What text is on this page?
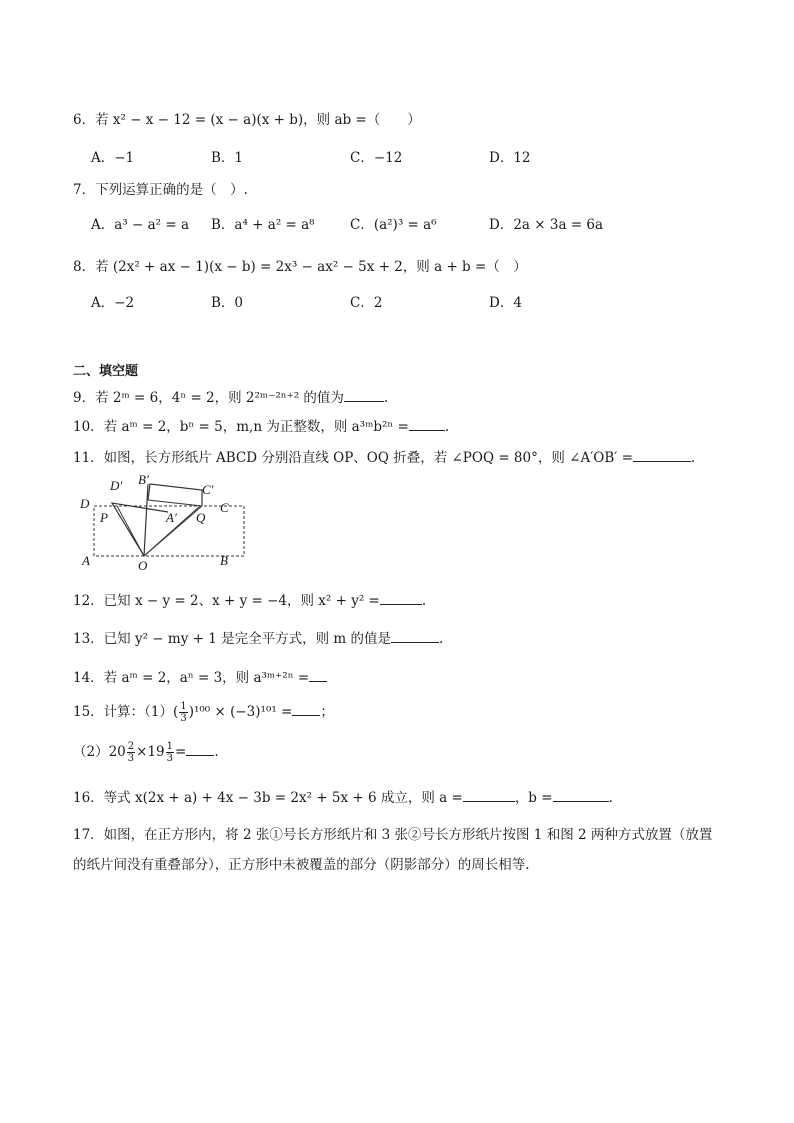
6．若 x² − x − 12 = (x − a)(x + b)，则 ab =（　　）
A．−1	B．1	C．−12	D．12
7．下列运算正确的是（　）.
A．a³ − a² = a B．a⁴ + a² = a⁸	C．(a²)³ = a⁶	D．2a × 3a = 6a
8．若 (2x² + ax − 1)(x − b) = 2x³ − ax² − 5x + 2，则 a + b =（　）
A．−2	B．0	C．2	D．4
二、填空题
9．若 2ᵐ = 6，4ⁿ = 2，则 2²ᵐ⁻²ⁿ⁺² 的值为	.
10．若 aᵐ = 2，bⁿ = 5，m,n 为正整数，则 a³ᵐb²ⁿ =	.
11．如图，长方形纸片 ABCD 分别沿直线 OP、OQ 折叠，若 ∠POQ = 80°，则 ∠A′OB′ =	.
D′ B′
C′
D	C
P	A′ Q
A	B
O
12．已知 x − y = 2、x + y = −4，则 x² + y² =	.
13．已知 y² − my + 1 是完全平方式，则 m 的值是	.
14．若 aᵐ = 2，aⁿ = 3，则 a³ᵐ⁺²ⁿ =
15．计算：$(1)( \frac{1}{3} )^{100} \times (-3)^{101}$ = ；
$(2)20 \frac{2}{3} \times 19 \frac{1}{3}$ = .
16．等式 x(2x + a) + 4x − 3b = 2x² + 5x + 6 成立，则 a =	，b =	.
17．如图，在正方形内，将 2 张①号长方形纸片和 3 张②号长方形纸片按图 1 和图 2 两种方式放置（放置
的纸片间没有重叠部分），正方形中未被覆盖的部分（阴影部分）的周长相等.
